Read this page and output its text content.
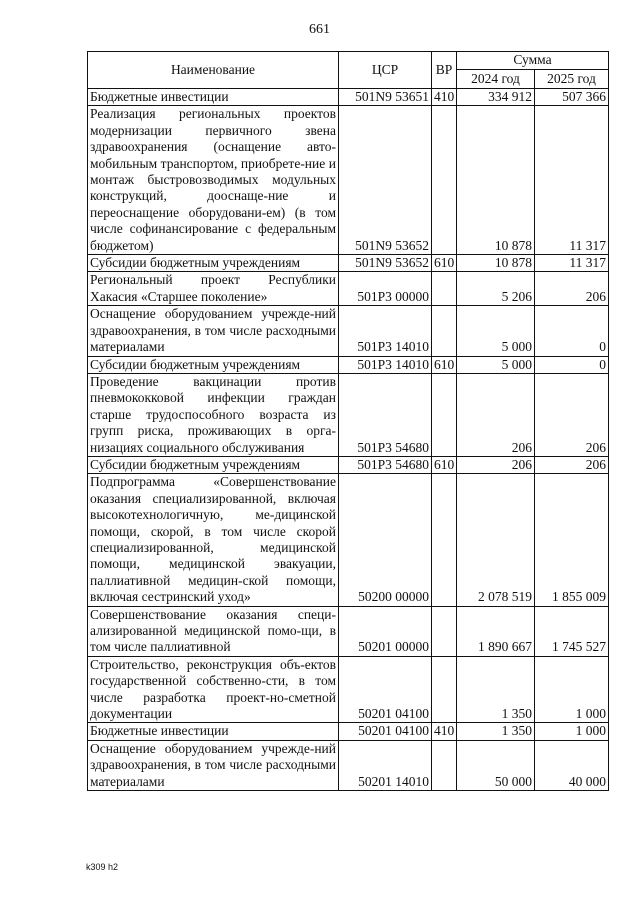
661
Наименование	ЦСР	ВР	Сумма	
			2024 год	2025 год
Бюджетные инвестиции	501N9 53651	410	334 912	507 366
Реализация региональных проектов модернизации первичного звена здравоохранения (оснащение авто-мобильным транспортом, приобрете-ние и монтаж быстровозводимых модульных конструкций, дооснаще-ние и переоснащение оборудовани-ем) (в том числе софинансирование с федеральным бюджетом)	501N9 53652		10 878	11 317
Субсидии бюджетным учреждениям	501N9 53652	610	10 878	11 317
Региональный проект Республики Хакасия «Старшее поколение»	501P3 00000		5 206	206
Оснащение оборудованием учрежде-ний здравоохранения, в том числе расходными материалами	501P3 14010		5 000	0
Субсидии бюджетным учреждениям	501P3 14010	610	5 000	0
Проведение вакцинации против пневмококковой инфекции граждан старше трудоспособного возраста из групп риска, проживающих в орга-низациях социального обслуживания	501P3 54680		206	206
Субсидии бюджетным учреждениям	501P3 54680	610	206	206
Подпрограмма «Совершенствование оказания специализированной, включая высокотехнологичную, ме-дицинской помощи, скорой, в том числе скорой специализированной, медицинской помощи, медицинской эвакуации, паллиативной медицин-ской помощи, включая сестринский уход»	50200 00000		2 078 519	1 855 009
Совершенствование оказания специ-ализированной медицинской помо-щи, в том числе паллиативной	50201 00000		1 890 667	1 745 527
Строительство, реконструкция объ-ектов государственной собственно-сти, в том числе разработка проект-но-сметной документации	50201 04100		1 350	1 000
Бюджетные инвестиции	50201 04100	410	1 350	1 000
Оснащение оборудованием учрежде-ний здравоохранения, в том числе расходными материалами	50201 14010		50 000	40 000
k309 h2
